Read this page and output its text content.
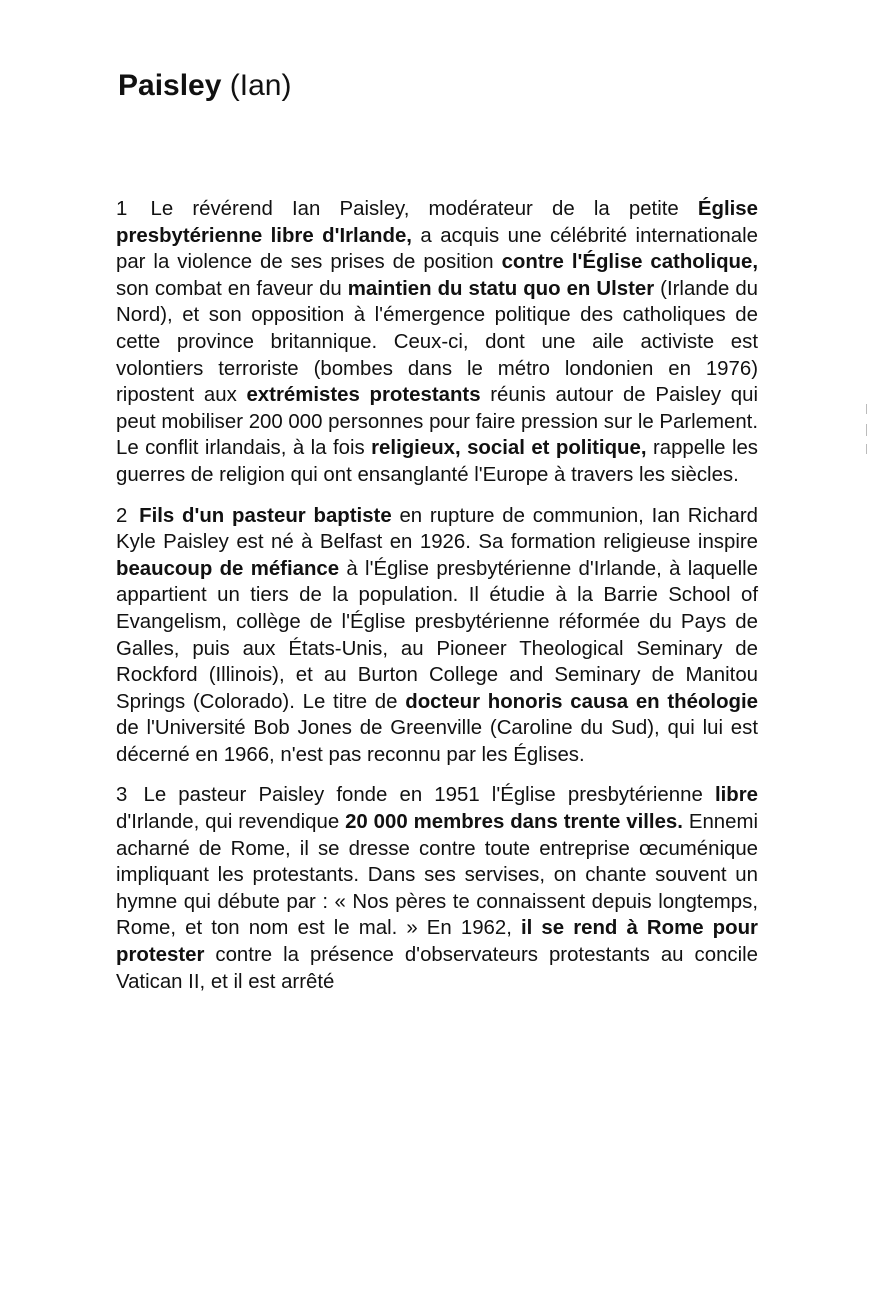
Paisley (Ian)

1 Le révérend Ian Paisley, modérateur de la petite Église presbytérienne libre d'Irlande, a acquis une célébrité internationale par la violence de ses prises de position contre l'Église catholique, son combat en faveur du maintien du statu quo en Ulster (Irlande du Nord), et son opposition à l'émergence politique des catholiques de cette province britannique. Ceux-ci, dont une aile activiste est volontiers terroriste (bombes dans le métro londonien en 1976) ripostent aux extrémistes protestants réunis autour de Paisley qui peut mobiliser 200 000 personnes pour faire pression sur le Parlement. Le conflit irlandais, à la fois religieux, social et politique, rappelle les guerres de religion qui ont ensanglanté l'Europe à travers les siècles.

2 Fils d'un pasteur baptiste en rupture de communion, Ian Richard Kyle Paisley est né à Belfast en 1926. Sa formation religieuse inspire beaucoup de méfiance à l'Église presbytérienne d'Irlande, à laquelle appartient un tiers de la population. Il étudie à la Barrie School of Evangelism, collège de l'Église presbytérienne réformée du Pays de Galles, puis aux États-Unis, au Pioneer Theological Seminary de Rockford (Illinois), et au Burton College and Seminary de Manitou Springs (Colorado). Le titre de docteur honoris causa en théologie de l'Université Bob Jones de Greenville (Caroline du Sud), qui lui est décerné en 1966, n'est pas reconnu par les Églises.

3 Le pasteur Paisley fonde en 1951 l'Église presbytérienne libre d'Irlande, qui revendique 20 000 membres dans trente villes. Ennemi acharné de Rome, il se dresse contre toute entreprise œcuménique impliquant les protestants. Dans ses servises, on chante souvent un hymne qui débute par : « Nos pères te connaissent depuis longtemps, Rome, et ton nom est le mal. » En 1962, il se rend à Rome pour protester contre la présence d'observateurs protestants au concile Vatican II, et il est arrêté
